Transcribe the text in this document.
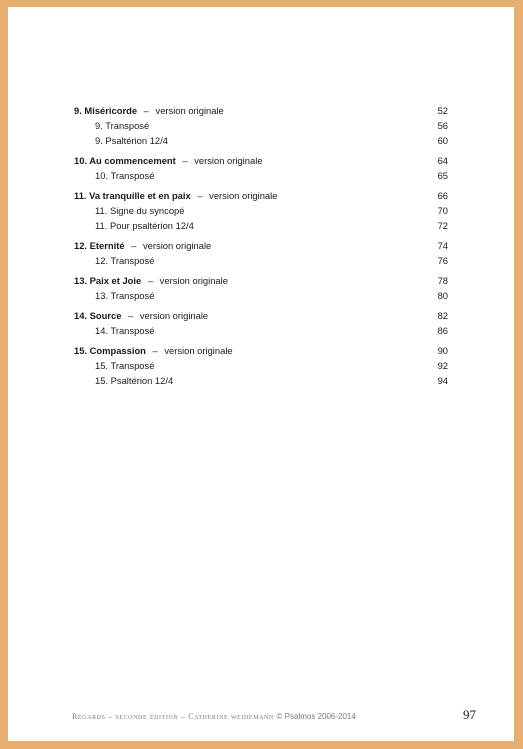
9. Miséricorde – version originale	52
9. Transposé	56
9. Psaltérion 12/4	60
10. Au commencement – version originale	64
10. Transposé	65
11. Va tranquille et en paix – version originale	66
11. Signe du syncopé	70
11. Pour psaltérion 12/4	72
12. Eternité – version originale	74
12. Transposé	76
13. Paix et Joie – version originale	78
13. Transposé	80
14. Source – version originale	82
14. Transposé	86
15. Compassion – version originale	90
15. Transposé	92
15. Psaltérion 12/4	94
Regards – seconde édition – Catherine weidemann © Psalmos 2006-2014	97
